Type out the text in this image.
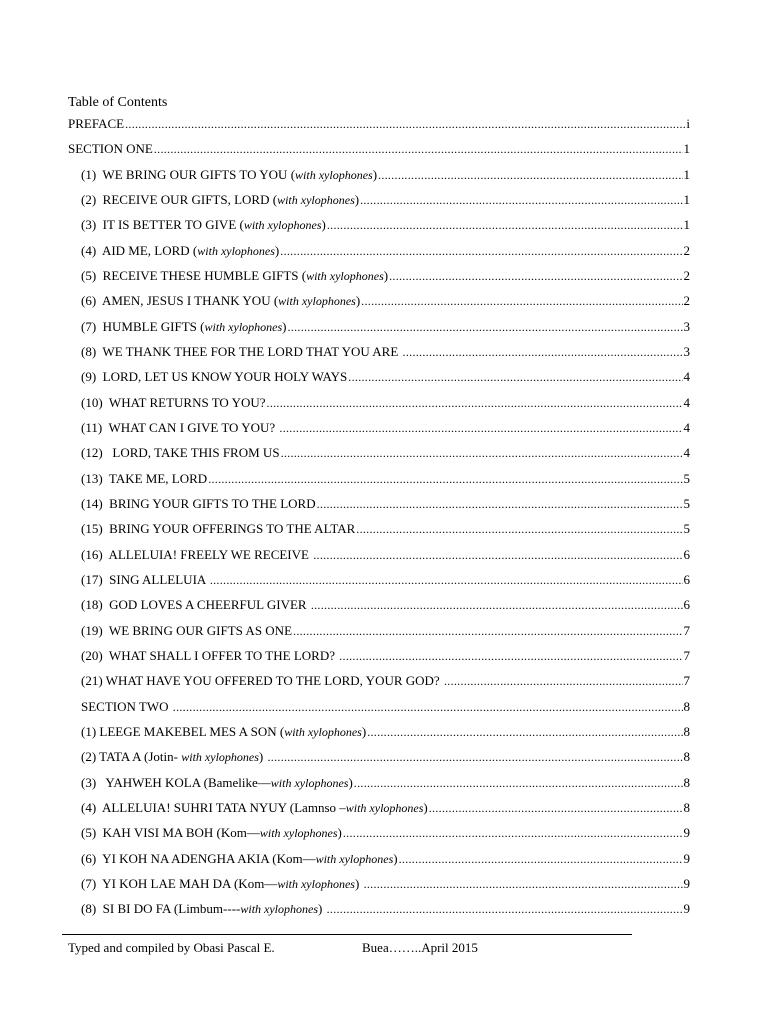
Table of Contents
PREFACE .....	i
SECTION ONE .....	1
(1)  WE BRING OUR GIFTS TO YOU (with xylophones) .....	1
(2)  RECEIVE OUR GIFTS, LORD (with xylophones) .....	1
(3)  IT IS BETTER TO GIVE (with xylophones) .....	1
(4)  AID ME, LORD (with xylophones) .....	2
(5)  RECEIVE THESE HUMBLE GIFTS (with xylophones) .....	2
(6)  AMEN, JESUS I THANK YOU (with xylophones) .....	2
(7)  HUMBLE GIFTS (with xylophones) .....	3
(8)  WE THANK THEE FOR THE LORD THAT YOU ARE .....	3
(9)  LORD, LET US KNOW YOUR HOLY WAYS .....	4
(10)  WHAT RETURNS TO YOU? .....	4
(11)  WHAT CAN I GIVE TO YOU? .....	4
(12)   LORD, TAKE THIS FROM US .....	4
(13)  TAKE ME, LORD .....	5
(14)  BRING YOUR GIFTS TO THE LORD .....	5
(15)  BRING YOUR OFFERINGS TO THE ALTAR .....	5
(16)  ALLELUIA! FREELY WE RECEIVE .....	6
(17)  SING ALLELUIA .....	6
(18)  GOD LOVES A CHEERFUL GIVER .....	6
(19)  WE BRING OUR GIFTS AS ONE .....	7
(20)  WHAT SHALL I OFFER TO THE LORD? .....	7
(21) WHAT HAVE YOU OFFERED TO THE LORD, YOUR GOD? .....	7
SECTION TWO .....	8
(1) LEEGE MAKEBEL MES A SON (with xylophones) .....	8
(2) TATA A (Jotin- with xylophones) .....	8
(3)   YAHWEH KOLA (Bamelike—with xylophones) .....	8
(4)  ALLELUIA! SUHRI TATA NYUY (Lamnso –with xylophones) .....	8
(5)  KAH VISI MA BOH (Kom—with xylophones) .....	9
(6)  YI KOH NA ADENGHA AKIA (Kom—with xylophones) .....	9
(7)  YI KOH LAE MAH DA (Kom—with xylophones) .....	9
(8)  SI BI DO FA (Limbum----with xylophones) .....	9
Typed and compiled by Obasi Pascal E.	Buea……..April 2015
